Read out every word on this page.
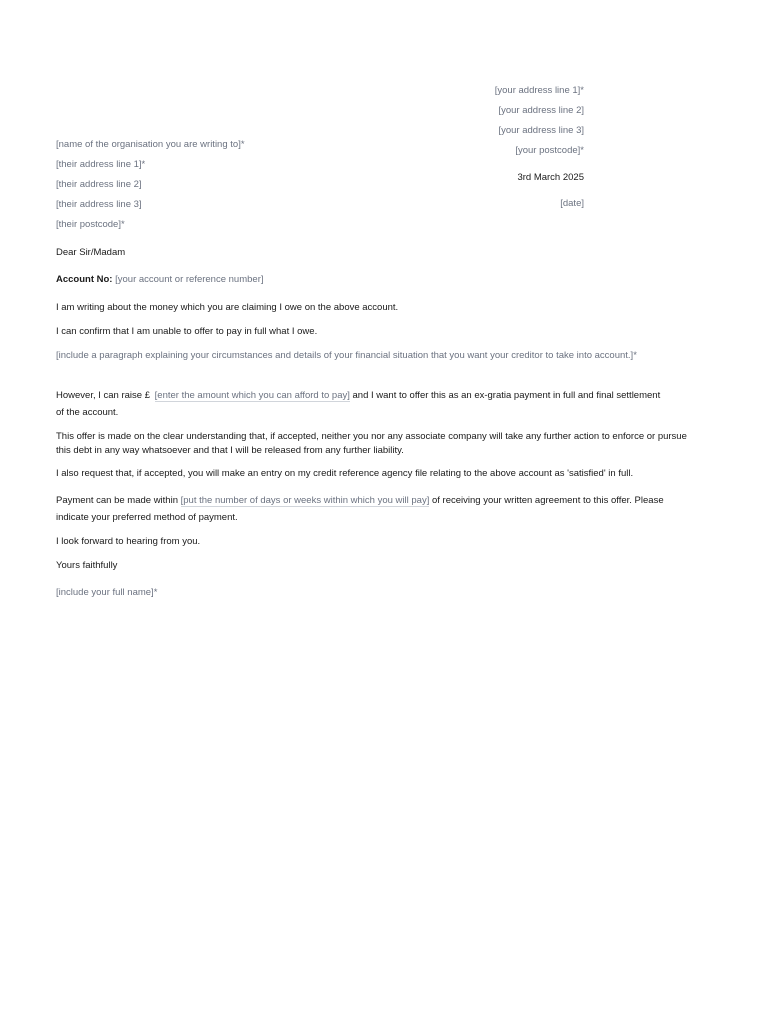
[your address line 1]*
[your address line 2]
[your address line 3]
[your postcode]*
3rd March 2025
[date]
[name of the organisation you are writing to]*
[their address line 1]*
[their address line 2]
[their address line 3]
[their postcode]*
Dear Sir/Madam
Account No: [your account or reference number]
I am writing about the money which you are claiming I owe on the above account.
I can confirm that I am unable to offer to pay in full what I owe.
[include a paragraph explaining your circumstances and details of your financial situation that you want your creditor to take into account.]*
However, I can raise £ [enter the amount which you can afford to pay] and I want to offer this as an ex-gratia payment in full and final settlement
of the account.
This offer is made on the clear understanding that, if accepted, neither you nor any associate company will take any further action to enforce or pursue this debt in any way whatsoever and that I will be released from any further liability.
I also request that, if accepted, you will make an entry on my credit reference agency file relating to the above account as 'satisfied' in full.
Payment can be made within [put the number of days or weeks within which you will pay] of receiving your written agreement to this offer. Please
indicate your preferred method of payment.
I look forward to hearing from you.
Yours faithfully
[include your full name]*
